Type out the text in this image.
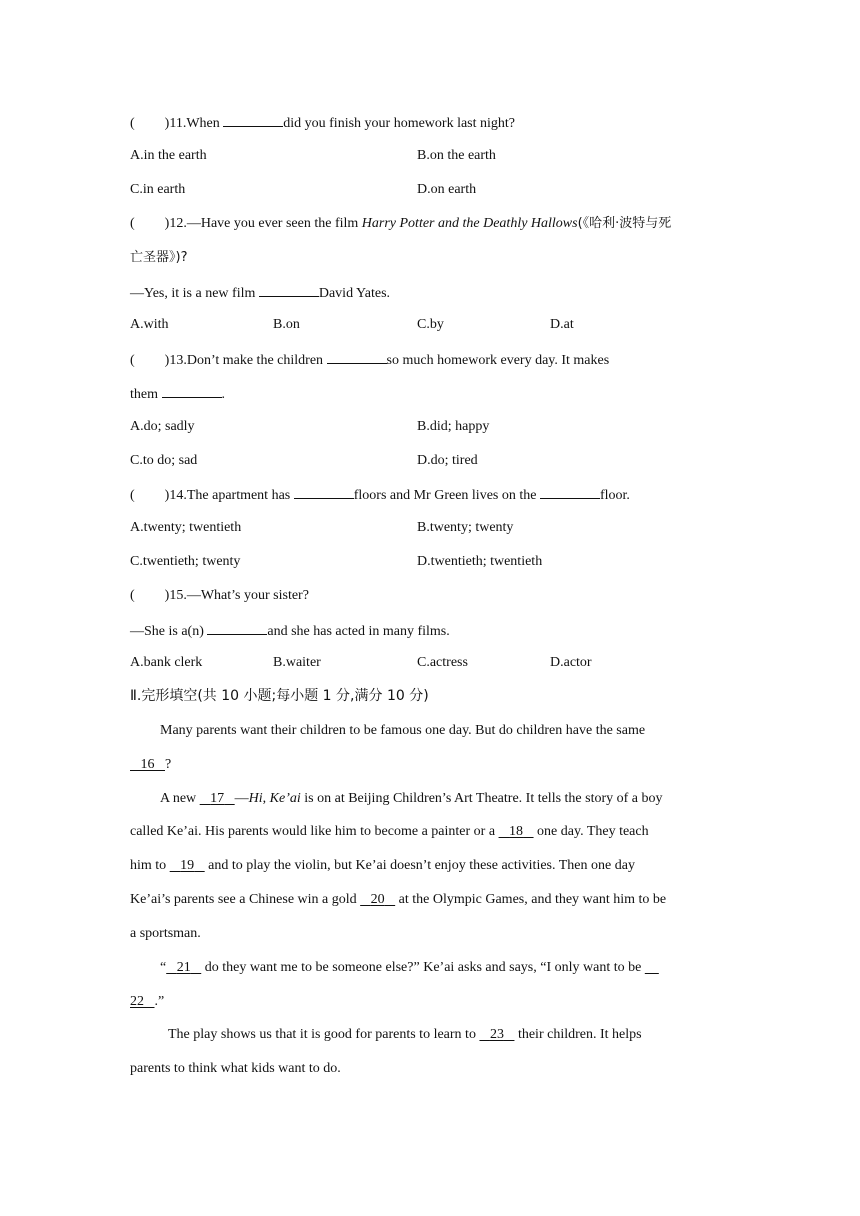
( )11.When	did you finish your homework last night?
A.in the earth	B.on the earth
C.in earth	D.on earth
( )12.—Have you ever seen the film Harry Potter and the Deathly Hallows(《哈利·波特与死
亡圣器》)?
—Yes, it is a new film	David Yates.
A.with	B.on	C.by	D.at
( )13.Don’t make the children	so much homework every day. It makes
them	.
A.do; sadly	B.did; happy
C.to do; sad	D.do; tired
( )14.The apartment has	floors and Mr Green lives on the	floor.
A.twenty; twentieth	B.twenty; twenty
C.twentieth; twenty	D.twentieth; twentieth
( )15.—What’s your sister?
—She is a(n)	and she has acted in many films.
A.bank clerk	B.waiter	C.actress	D.actor
Ⅱ.完形填空(共 10 小题;每小题 1 分,满分 10 分)
Many parents want their children to be famous one day. But do children have the same
16 ?
A new 17 —Hi, Ke’ai is on at Beijing Children’s Art Theatre. It tells the story of a boy
called Ke’ai. His parents would like him to become a painter or a 18 one day. They teach
him to 19 and to play the violin, but Ke’ai doesn’t enjoy these activities. Then one day
Ke’ai’s parents see a Chinese win a gold 20 at the Olympic Games, and they want him to be
a sportsman.
“ 21 do they want me to be someone else?” Ke’ai asks and says, “I only want to be
22 .”
The play shows us that it is good for parents to learn to 23 their children. It helps
parents to think what kids want to do.
